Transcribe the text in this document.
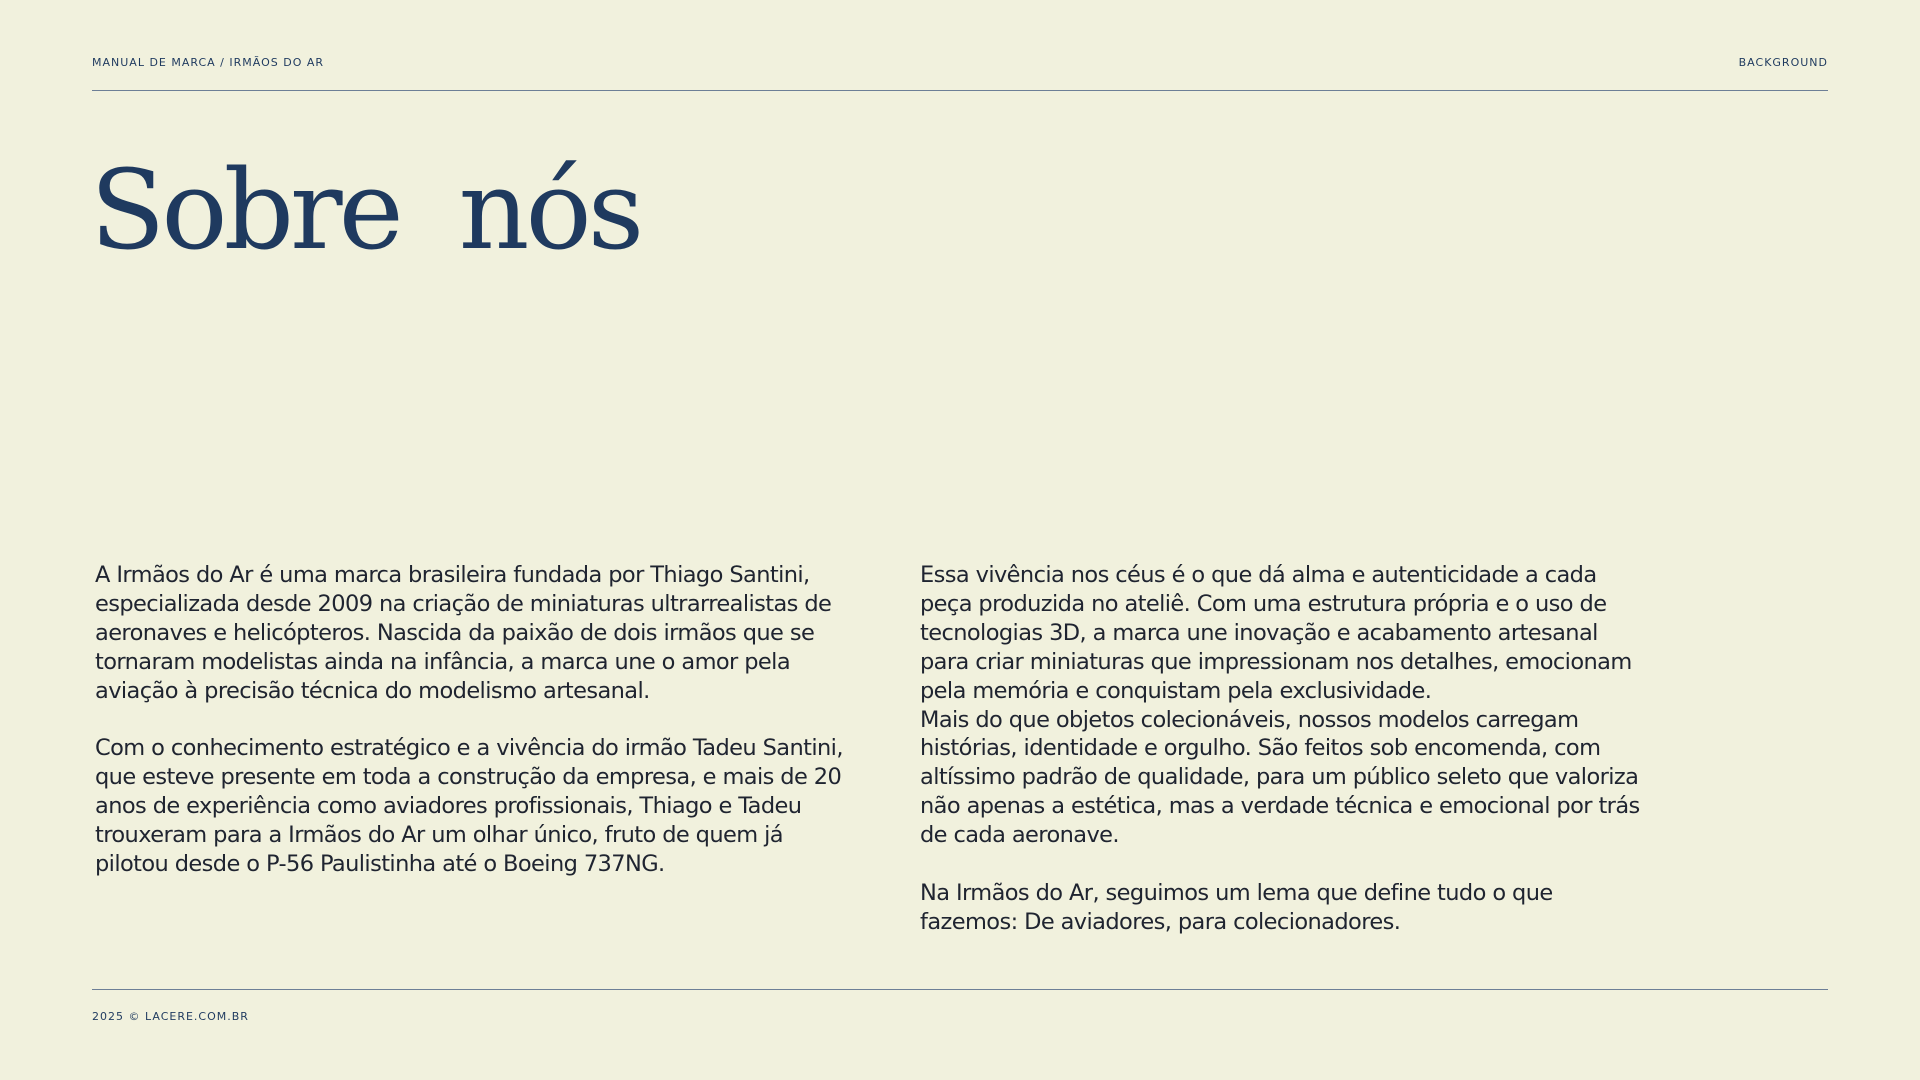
MANUAL DE MARCA / IRMÃOS DO AR	BACKGROUND
Sobre nós

A Irmãos do Ar é uma marca brasileira fundada por Thiago Santini, especializada desde 2009 na criação de miniaturas ultrarrealistas de aeronaves e helicópteros. Nascida da paixão de dois irmãos que se tornaram modelistas ainda na infância, a marca une o amor pela aviação à precisão técnica do modelismo artesanal.

Com o conhecimento estratégico e a vivência do irmão Tadeu Santini, que esteve presente em toda a construção da empresa, e mais de 20 anos de experiência como aviadores profissionais, Thiago e Tadeu trouxeram para a Irmãos do Ar um olhar único, fruto de quem já pilotou desde o P-56 Paulistinha até o Boeing 737NG.

Essa vivência nos céus é o que dá alma e autenticidade a cada peça produzida no ateliê. Com uma estrutura própria e o uso de tecnologias 3D, a marca une inovação e acabamento artesanal para criar miniaturas que impressionam nos detalhes, emocionam pela memória e conquistam pela exclusividade.

Mais do que objetos colecionáveis, nossos modelos carregam histórias, identidade e orgulho. São feitos sob encomenda, com altíssimo padrão de qualidade, para um público seleto que valoriza não apenas a estética, mas a verdade técnica e emocional por trás de cada aeronave.

Na Irmãos do Ar, seguimos um lema que define tudo o que fazemos: De aviadores, para colecionadores.

2025 © LACERE.COM.BR
